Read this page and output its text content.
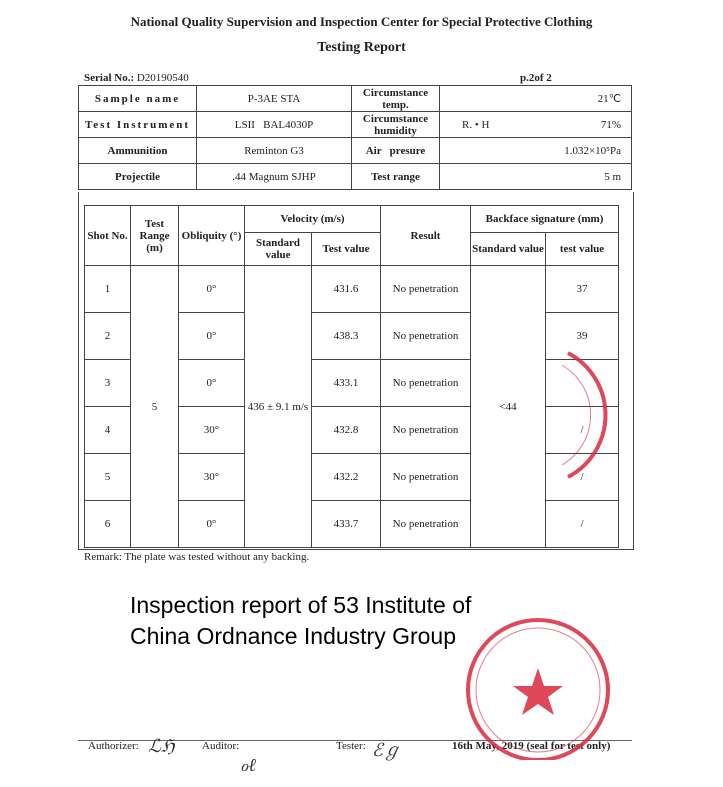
National Quality Supervision and Inspection Center for Special Protective Clothing
Testing Report
Serial No.: D20190540	p.2of 2
Sample name	P-3AE STA	Circumstance temp.	21℃
Test Instrument	LSII   BAL4030P	Circumstance humidity	R. • H 71%

Ammunition	Reminton G3	Air   presure	1.032×10⁵Pa
Projectile	.44 Magnum SJHP	Test range	5 m
Shot No.	Test Range (m)	Obliquity (°)	Velocity (m/s)		Result	Backface signature (mm)	
			Standard value	Test value		Standard value	test value
1	5	0°	436 ± 9.1 m/s	431.6	No penetration	<44	37
2		0°		438.3	No penetration		39
3		0°		433.1	No penetration		
4		30°		432.8	No penetration		/
5		30°		432.2	No penetration		/
6		0°		433.7	No penetration		/
Remark: The plate was tested without any backing.
Inspection report of 53 Institute of
China Ordnance Industry Group
Authorizer: ℒℌ Auditor:
ℴℓ
Tester: ℰℊ	16th May, 2019 (seal for test only)
